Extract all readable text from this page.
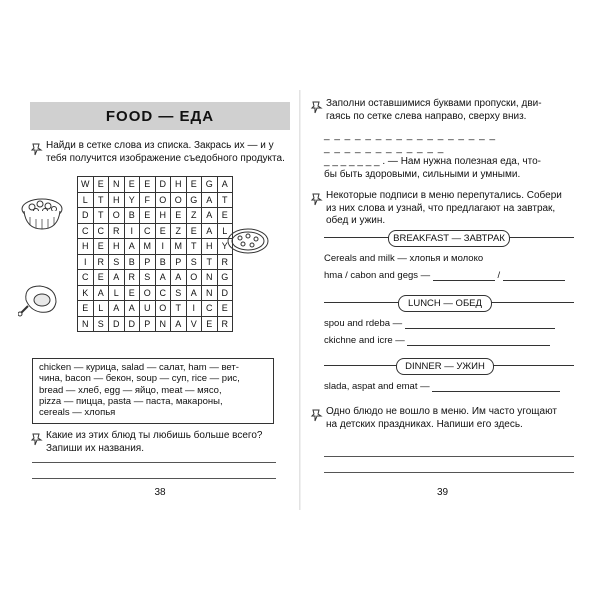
FOOD — ЕДА
Найди в сетке слова из списка. Закрась их — и у тебя получится изображение съедобного продукта.
W	E	N	E	E	D	H	E	G	A
L	T	H	Y	F	O	O	G	A	T
D	T	O	B	E	H	E	Z	A	E
C	C	R	I	C	E	Z	E	A	L
H	E	H	A	M	I	M	T	H	Y
I	R	S	B	P	B	P	S	T	R
C	E	A	R	S	A	A	O	N	G
K	A	L	E	O	C	S	A	N	D
E	L	A	A	U	O	T	I	C	E
N	S	D	D	P	N	A	V	E	R
chicken — курица, salad — салат, ham — вет-
чина, bacon — бекон, soup — суп, rice — рис,
bread — хлеб, egg — яйцо, meat — мясо,
pizza — пицца, pasta — паста, макароны,
cereals — хлопья
Какие из этих блюд ты любишь больше всего? Запиши их названия.
38
Заполни оставшимися буквами пропуски, дви-
гаясь по сетке слева направо, сверху вниз.
_ _ _ _ _ _ _ _ _ _ _ _ _ _ _ _ _
_ _ _ _ _ _ _ _ _ _ _ _
_ _ _ _ _ _ _ . — Нам нужна полезная еда, что-
бы быть здоровыми, сильными и умными.
Некоторые подписи в меню перепутались. Собери из них слова и узнай, что предлагают на завтрак, обед и ужин.
BREAKFAST — ЗАВТРАК
Cereals and milk — хлопья и молоко
hma / cabon and gegs —	/
LUNCH — ОБЕД
spou and rdeba —
ckichne and icre —
DINNER — УЖИН
slada, aspat and emat —
Одно блюдо не вошло в меню. Им часто угощают на детских праздниках. Напиши его здесь.
39
